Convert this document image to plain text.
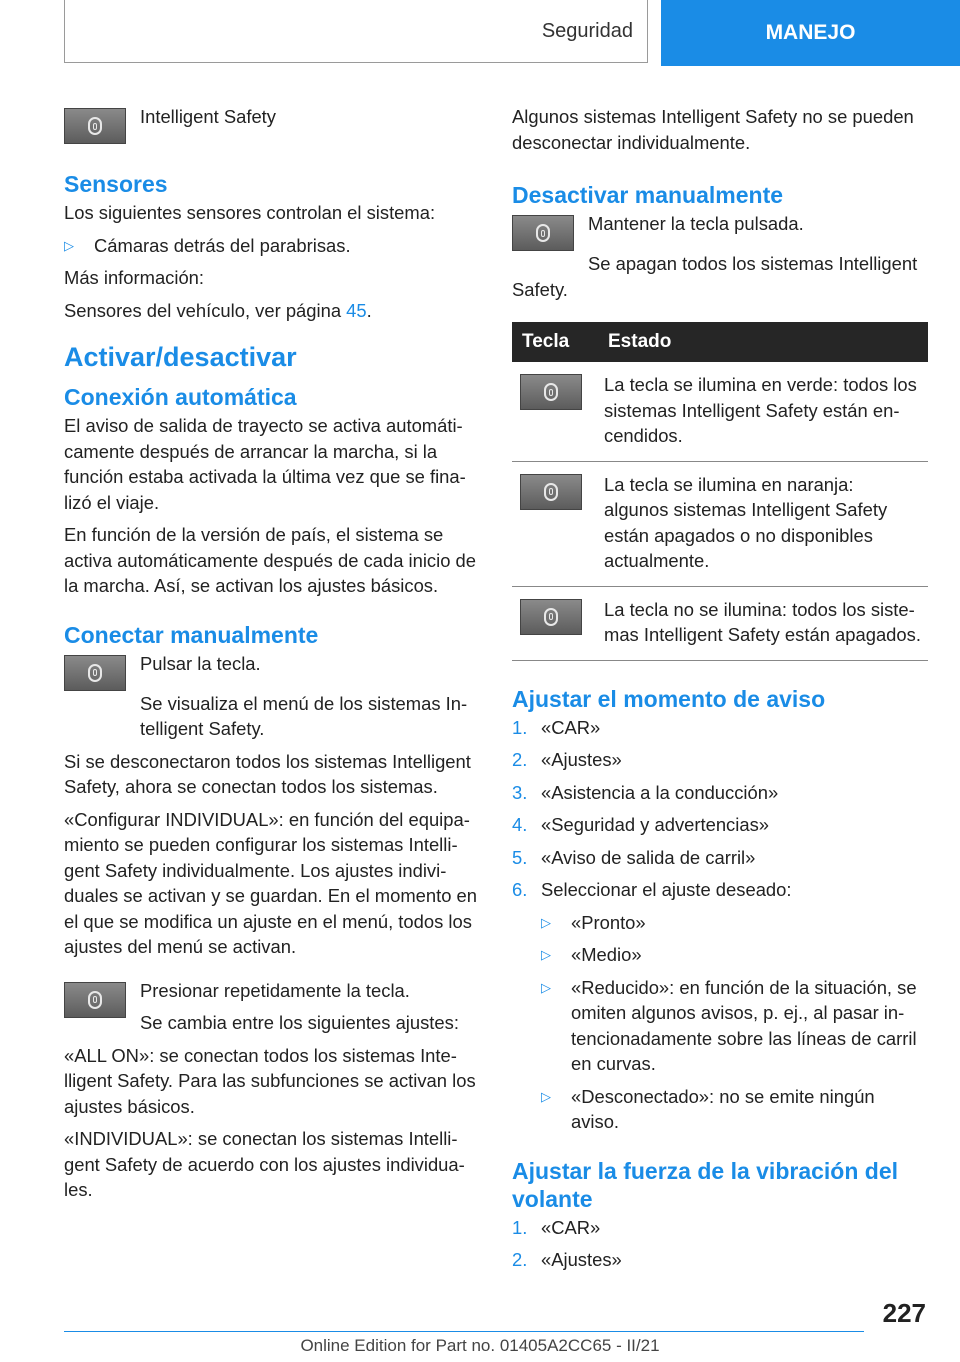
Seguridad	MANEJO

Intelligent Safety

Sensores

Los siguientes sensores controlan el sistema:

▷	Cámaras detrás del parabrisas.

Más información:

Sensores del vehículo, ver página 45.

Activar/desactivar
Conexión automática

El aviso de salida de trayecto se activa automáticamente después de arrancar la marcha, si la función estaba activada la última vez que se finalizó el viaje.

En función de la versión de país, el sistema se activa automáticamente después de cada inicio de la marcha. Así, se activan los ajustes básicos.

Conectar manualmente

Pulsar la tecla.

Se visualiza el menú de los sistemas Intelligent Safety.

Si se desconectaron todos los sistemas Intelligent Safety, ahora se conectan todos los sistemas.

«Configurar INDIVIDUAL»: en función del equipamiento se pueden configurar los sistemas Intelligent Safety individualmente. Los ajustes individuales se activan y se guardan. En el momento en el que se modifica un ajuste en el menú, todos los ajustes del menú se activan.

Presionar repetidamente la tecla.

Se cambia entre los siguientes ajustes:

«ALL ON»: se conectan todos los sistemas Intelligent Safety. Para las subfunciones se activan los ajustes básicos.

«INDIVIDUAL»: se conectan los sistemas Intelligent Safety de acuerdo con los ajustes individuales.

Algunos sistemas Intelligent Safety no se pueden desconectar individualmente.

Desactivar manualmente

Mantener la tecla pulsada.

Se apagan todos los sistemas Intelligent Safety.

Tecla	Estado

	La tecla se ilumina en verde: todos los sistemas Intelligent Safety están encendidos.

	La tecla se ilumina en naranja: algunos sistemas Intelligent Safety están apagados o no disponibles actualmente.

	La tecla no se ilumina: todos los sistemas Intelligent Safety están apagados.
Ajustar el momento de aviso
1. «CAR»
2. «Ajustes»
3. «Asistencia a la conducción»
4. «Seguridad y advertencias»
5. «Aviso de salida de carril»
6. Seleccionar el ajuste deseado:
▷	«Pronto»
▷	«Medio»
▷	«Reducido»: en función de la situación, se omiten algunos avisos, p. ej., al pasar intencionadamente sobre las líneas de carril en curvas.
▷	«Desconectado»: no se emite ningún aviso.
Ajustar la fuerza de la vibración del volante
1. «CAR»
2. «Ajustes»
227
Online Edition for Part no. 01405A2CC65 - II/21
